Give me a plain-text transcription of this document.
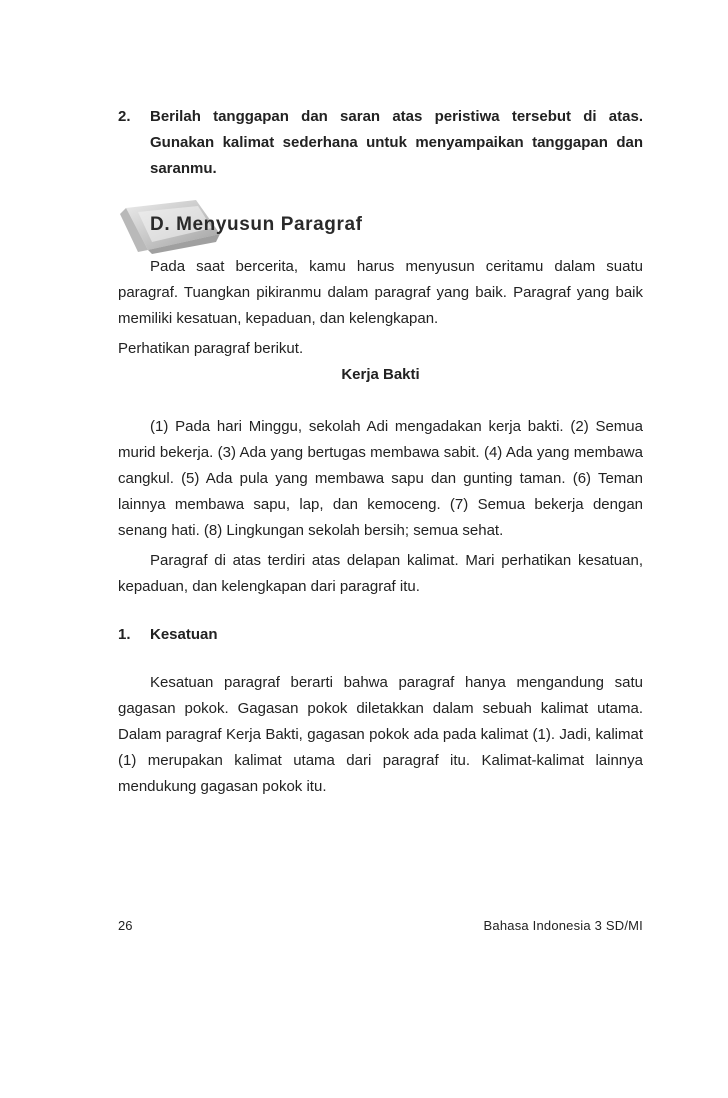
2.	Berilah tanggapan dan saran atas peristiwa tersebut di atas. Gunakan kalimat sederhana untuk menyampaikan tanggapan dan saranmu.
D. Menyusun Paragraf

Pada saat bercerita, kamu harus menyusun ceritamu dalam suatu paragraf. Tuangkan pikiranmu dalam paragraf yang baik. Paragraf yang baik memiliki kesatuan, kepaduan, dan kelengkapan.

Perhatikan paragraf berikut.

Kerja Bakti

(1) Pada hari Minggu, sekolah Adi mengadakan kerja bakti. (2) Semua murid bekerja. (3) Ada yang bertugas membawa sabit. (4) Ada yang membawa cangkul. (5) Ada pula yang membawa sapu dan gunting taman. (6) Teman lainnya membawa sapu, lap, dan kemoceng. (7) Semua bekerja dengan senang hati. (8) Lingkungan sekolah bersih; semua sehat.

Paragraf di atas terdiri atas delapan kalimat. Mari perhatikan kesatuan, kepaduan, dan kelengkapan dari paragraf itu.

1.	Kesatuan

Kesatuan paragraf berarti bahwa paragraf hanya mengandung satu gagasan pokok. Gagasan pokok diletakkan dalam sebuah kalimat utama. Dalam paragraf Kerja Bakti, gagasan pokok ada pada kalimat (1). Jadi, kalimat (1) merupakan kalimat utama dari paragraf itu. Kalimat-kalimat lainnya mendukung gagasan pokok itu.

26	Bahasa Indonesia 3 SD/MI
